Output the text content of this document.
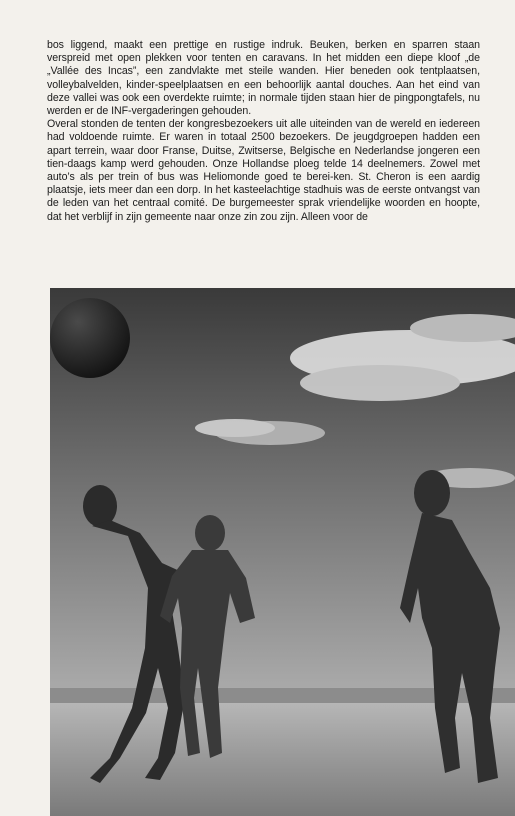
bos liggend, maakt een prettige en rustige indruk. Beuken, berken en sparren staan verspreid met open plekken voor tenten en caravans. In het midden een diepe kloof „de „Vallée des Incas”, een zandvlakte met steile wanden. Hier beneden ook tentplaatsen, volleybalvelden, kinder-speelplaatsen en een behoorlijk aantal douches. Aan het eind van deze vallei was ook een overdekte ruimte; in normale tijden staan hier de pingpongtafels, nu werden er de INF-vergaderingen gehouden.

Overal stonden de tenten der kongresbezoekers uit alle uiteinden van de wereld en iedereen had voldoende ruimte. Er waren in totaal 2500 bezoekers. De jeugdgroepen hadden een apart terrein, waar door Franse, Duitse, Zwitserse, Belgische en Nederlandse jongeren een tien-daags kamp werd gehouden. Onze Hollandse ploeg telde 14 deelnemers. Zowel met auto’s als per trein of bus was Heliomonde goed te berei-ken. St. Cheron is een aardig plaatsje, iets meer dan een dorp. In het kasteelachtige stadhuis was de eerste ontvangst van de leden van het centraal comité. De burgemeester sprak vriendelijke woorden en hoopte, dat het verblijf in zijn gemeente naar onze zin zou zijn. Alleen voor de
